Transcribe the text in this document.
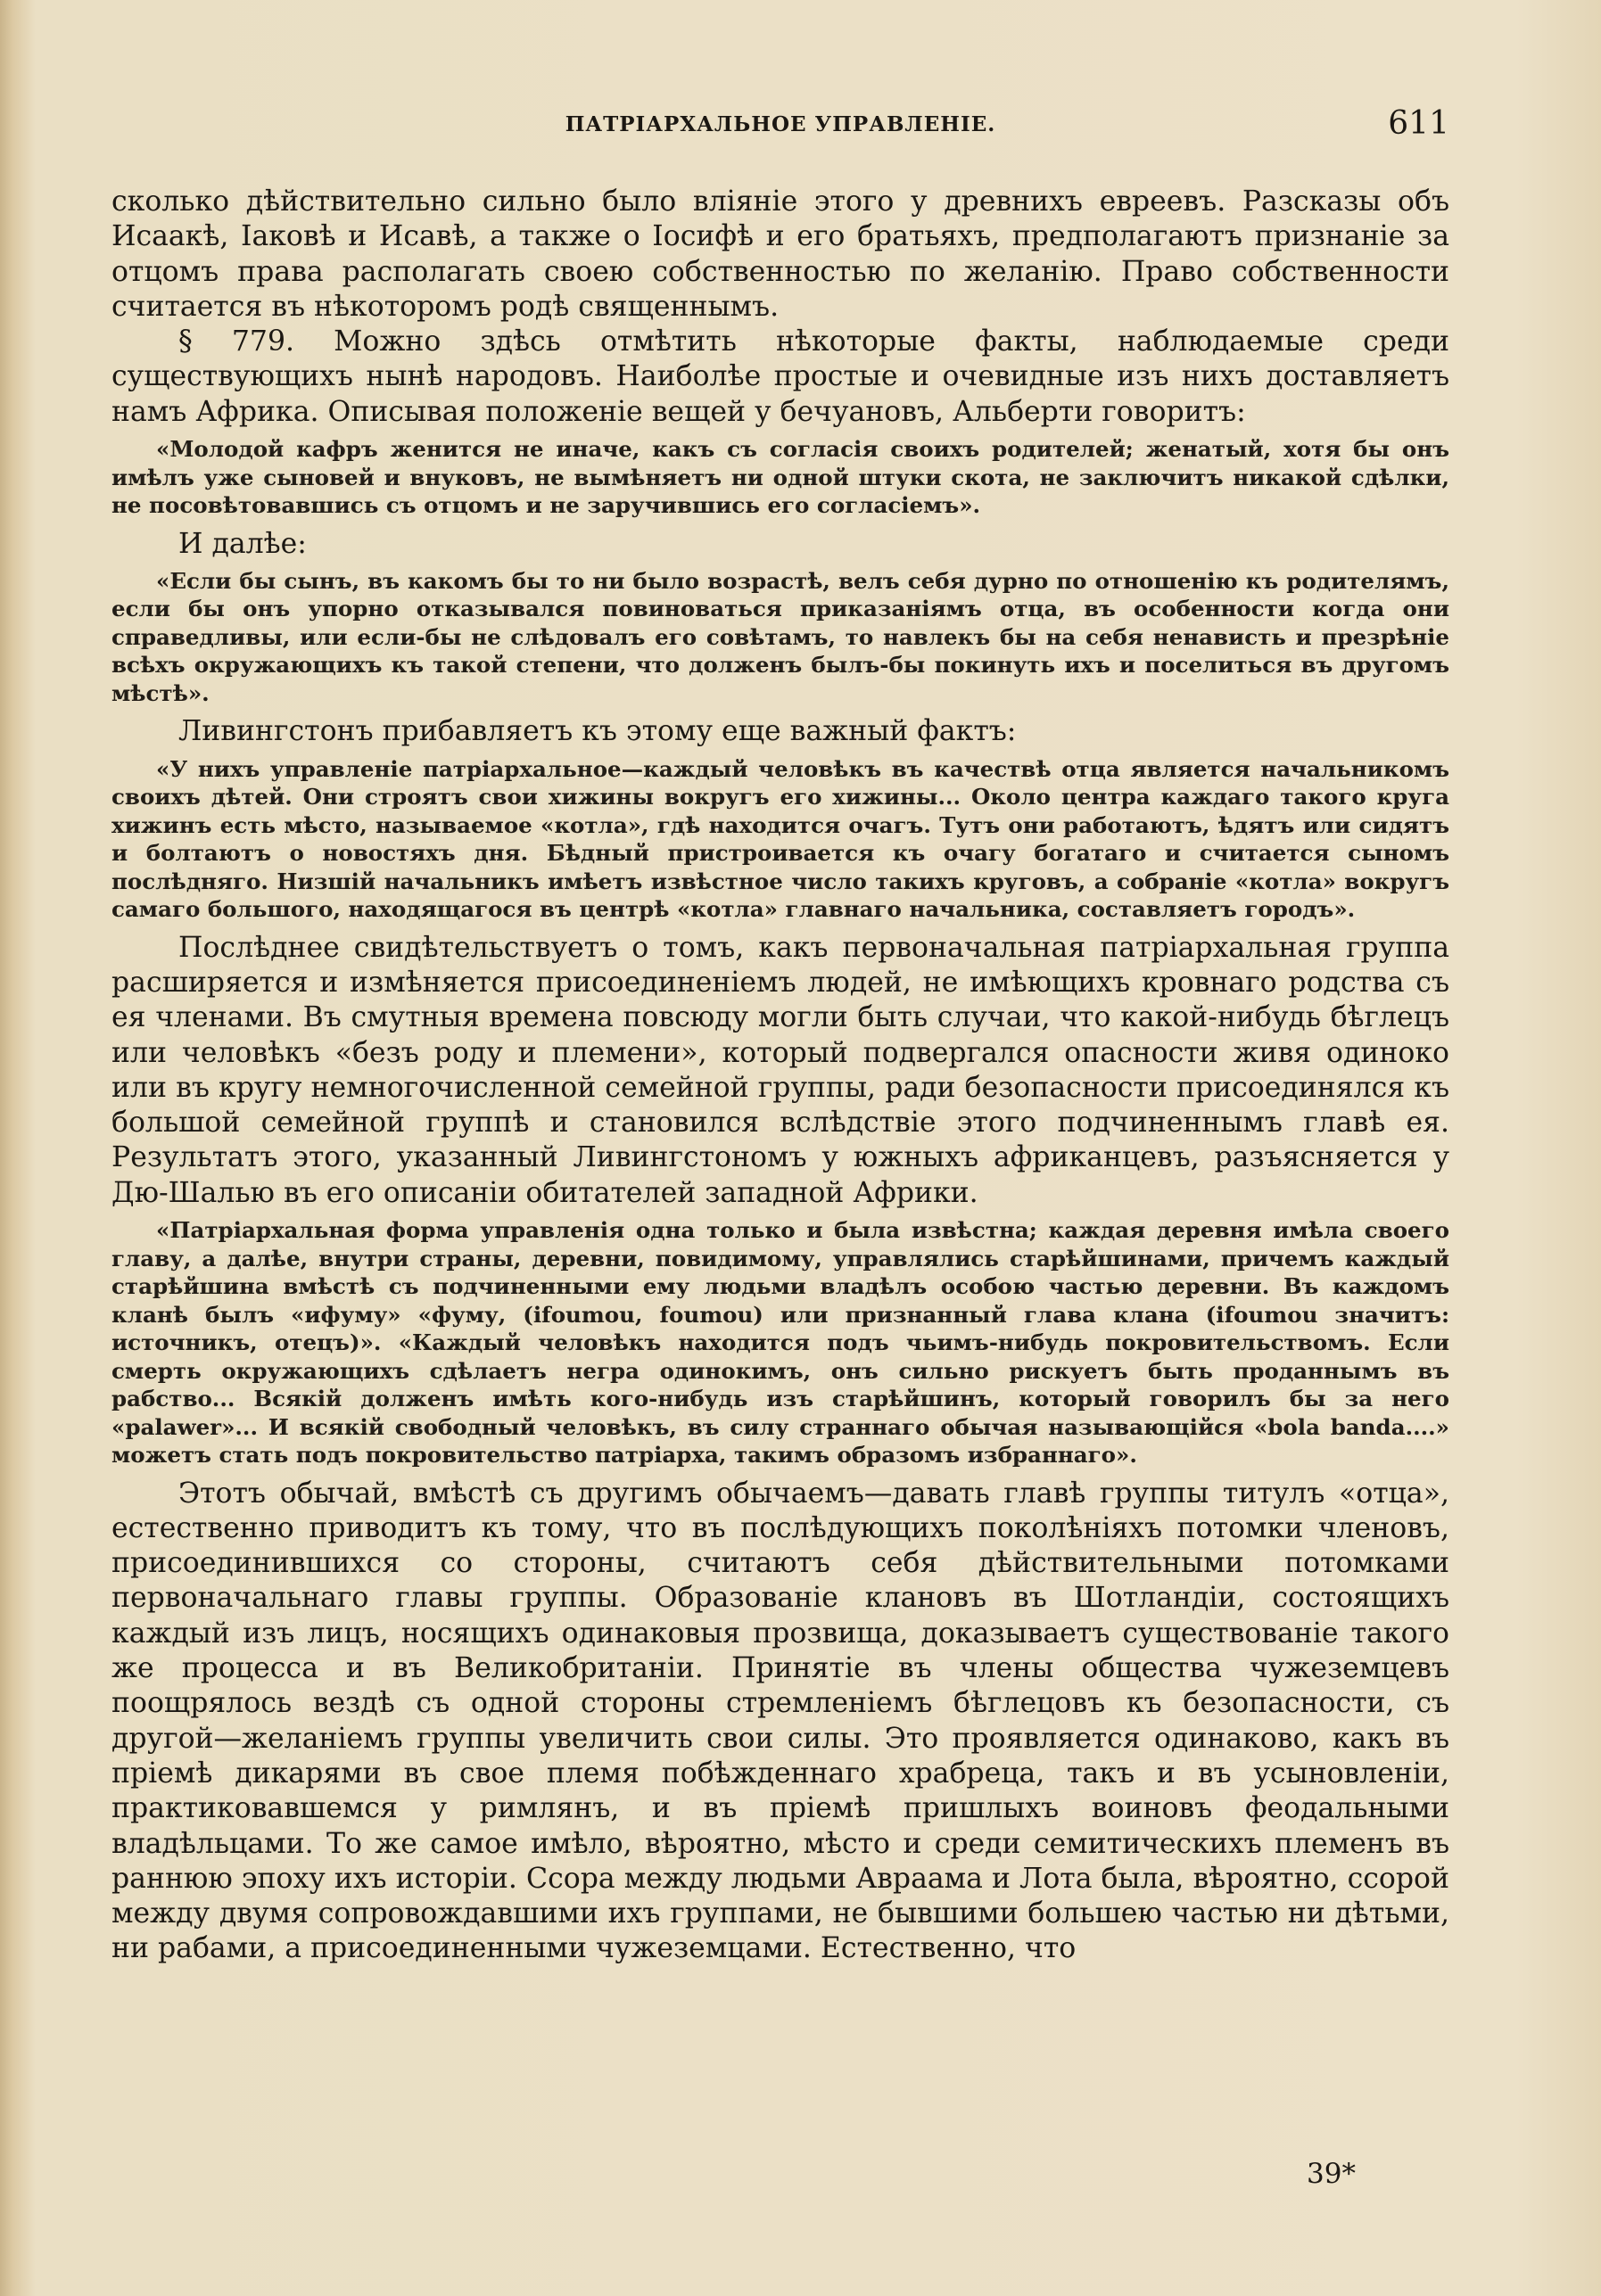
ПАТРІАРХАЛЬНОЕ УПРАВЛЕНІЕ.	611

сколько дѣйствительно сильно было вліяніе этого у древнихъ евреевъ. Разсказы объ Исаакѣ, Іаковѣ и Исавѣ, а также о Іосифѣ и его братьяхъ, предполагаютъ признаніе за отцомъ права располагать своею собственностью по желанію. Право собственности считается въ нѣкоторомъ родѣ священнымъ.

§ 779. Можно здѣсь отмѣтить нѣкоторые факты, наблюдаемые среди существующихъ нынѣ народовъ. Наиболѣе простые и очевидные изъ нихъ доставляетъ намъ Африка. Описывая положеніе вещей у бечуановъ, Альберти говоритъ:

«Молодой кафръ женится не иначе, какъ съ согласія своихъ родителей; женатый, хотя бы онъ имѣлъ уже сыновей и внуковъ, не вымѣняетъ ни одной штуки скота, не заключитъ никакой сдѣлки, не посовѣтовавшись съ отцомъ и не заручившись его согласіемъ».

И далѣе:

«Если бы сынъ, въ какомъ бы то ни было возрастѣ, велъ себя дурно по отношенію къ родителямъ, если бы онъ упорно отказывался повиноваться приказаніямъ отца, въ особенности когда они справедливы, или если-бы не слѣдовалъ его совѣтамъ, то навлекъ бы на себя ненависть и презрѣніе всѣхъ окружающихъ къ такой степени, что долженъ былъ-бы покинуть ихъ и поселиться въ другомъ мѣстѣ».

Ливингстонъ прибавляетъ къ этому еще важный фактъ:

«У нихъ управленіе патріархальное—каждый человѣкъ въ качествѣ отца является начальникомъ своихъ дѣтей. Они строятъ свои хижины вокругъ его хижины... Около центра каждаго такого круга хижинъ есть мѣсто, называемое «котла», гдѣ находится очагъ. Тутъ они работаютъ, ѣдятъ или сидятъ и болтаютъ о новостяхъ дня. Бѣдный пристроивается къ очагу богатаго и считается сыномъ послѣдняго. Низшій начальникъ имѣетъ извѣстное число такихъ круговъ, а собраніе «котла» вокругъ самаго большого, находящагося въ центрѣ «котла» главнаго начальника, составляетъ городъ».

Послѣднее свидѣтельствуетъ о томъ, какъ первоначальная патріархальная группа расширяется и измѣняется присоединеніемъ людей, не имѣющихъ кровнаго родства съ ея членами. Въ смутныя времена повсюду могли быть случаи, что какой-нибудь бѣглецъ или человѣкъ «безъ роду и племени», который подвергался опасности живя одиноко или въ кругу немногочисленной семейной группы, ради безопасности присоединялся къ большой семейной группѣ и становился вслѣдствіе этого подчиненнымъ главѣ ея. Результатъ этого, указанный Ливингстономъ у южныхъ африканцевъ, разъясняется у Дю-Шалью въ его описаніи обитателей западной Африки.

«Патріархальная форма управленія одна только и была извѣстна; каждая деревня имѣла своего главу, а далѣе, внутри страны, деревни, повидимому, управлялись старѣйшинами, причемъ каждый старѣйшина вмѣстѣ съ подчиненными ему людьми владѣлъ особою частью деревни. Въ каждомъ кланѣ былъ «ифуму» «фуму, (ifoumou, foumou) или признанный глава клана (ifoumou значитъ: источникъ, отецъ)». «Каждый человѣкъ находится подъ чьимъ-нибудь покровительствомъ. Если смерть окружающихъ сдѣлаетъ негра одинокимъ, онъ сильно рискуетъ быть проданнымъ въ рабство... Всякій долженъ имѣть кого-нибудь изъ старѣйшинъ, который говорилъ бы за него «palawer»... И всякій свободный человѣкъ, въ силу страннаго обычая называющійся «bola banda....» можетъ стать подъ покровительство патріарха, такимъ образомъ избраннаго».

Этотъ обычай, вмѣстѣ съ другимъ обычаемъ—давать главѣ группы титулъ «отца», естественно приводитъ къ тому, что въ послѣдующихъ поколѣніяхъ потомки членовъ, присоединившихся со стороны, считаютъ себя дѣйствительными потомками первоначальнаго главы группы. Образованіе клановъ въ Шотландіи, состоящихъ каждый изъ лицъ, носящихъ одинаковыя прозвища, доказываетъ существованіе такого же процесса и въ Великобританіи. Принятіе въ члены общества чужеземцевъ поощрялось вездѣ съ одной стороны стремленіемъ бѣглецовъ къ безопасности, съ другой—желаніемъ группы увеличить свои силы. Это проявляется одинаково, какъ въ пріемѣ дикарями въ свое племя побѣжденнаго храбреца, такъ и въ усыновленіи, практиковавшемся у римлянъ, и въ пріемѣ пришлыхъ воиновъ феодальными владѣльцами. То же самое имѣло, вѣроятно, мѣсто и среди семитическихъ племенъ въ раннюю эпоху ихъ исторіи. Ссора между людьми Авраама и Лота была, вѣроятно, ссорой между двумя сопровождавшими ихъ группами, не бывшими большею частью ни дѣтьми, ни рабами, а присоединенными чужеземцами. Естественно, что

39*
